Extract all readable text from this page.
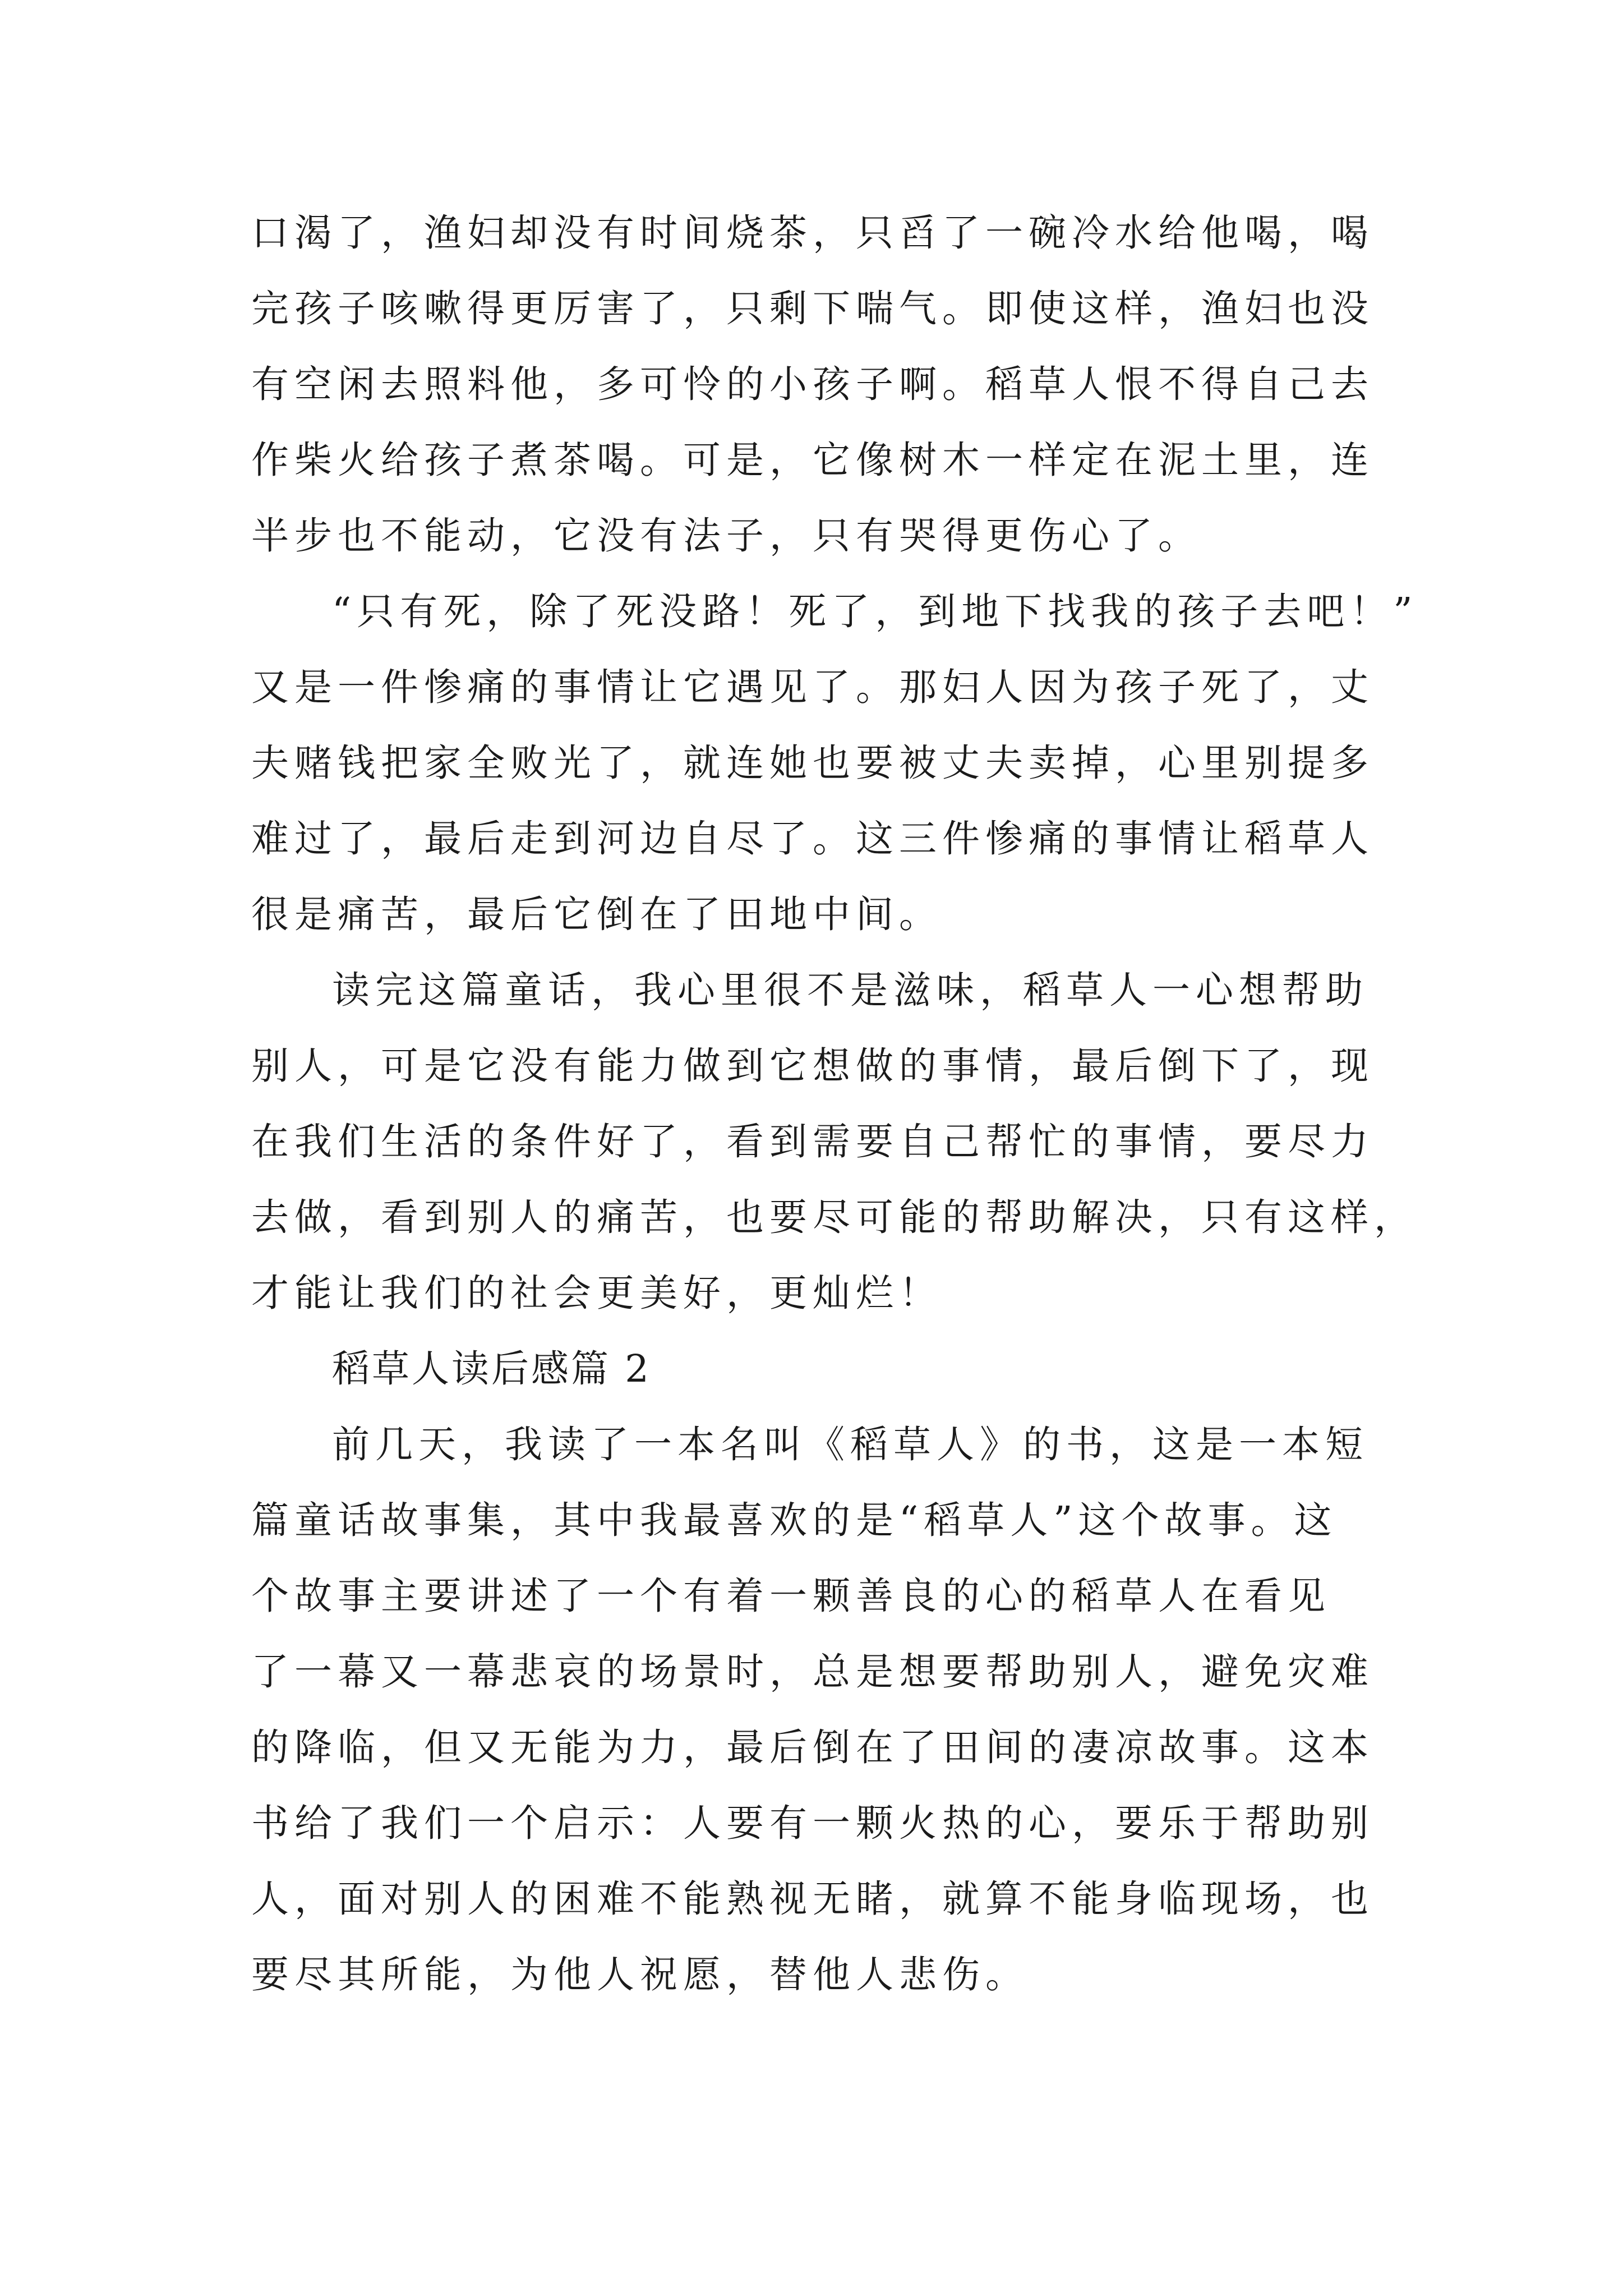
口渴了，渔妇却没有时间烧茶，只舀了一碗冷水给他喝，喝
完孩子咳嗽得更厉害了，只剩下喘气。即使这样，渔妇也没
有空闲去照料他，多可怜的小孩子啊。稻草人恨不得自己去
作柴火给孩子煮茶喝。可是，它像树木一样定在泥土里，连
半步也不能动，它没有法子，只有哭得更伤心了。
“只有死，除了死没路！死了，到地下找我的孩子去吧！”
又是一件惨痛的事情让它遇见了。那妇人因为孩子死了，丈
夫赌钱把家全败光了，就连她也要被丈夫卖掉，心里别提多
难过了，最后走到河边自尽了。这三件惨痛的事情让稻草人
很是痛苦，最后它倒在了田地中间。
读完这篇童话，我心里很不是滋味，稻草人一心想帮助
别人，可是它没有能力做到它想做的事情，最后倒下了，现
在我们生活的条件好了，看到需要自己帮忙的事情，要尽力
去做，看到别人的痛苦，也要尽可能的帮助解决，只有这样，
才能让我们的社会更美好，更灿烂！
稻草人读后感篇 2
前几天，我读了一本名叫《稻草人》的书，这是一本短
篇童话故事集，其中我最喜欢的是“稻草人”这个故事。这
个故事主要讲述了一个有着一颗善良的心的稻草人在看见
了一幕又一幕悲哀的场景时，总是想要帮助别人，避免灾难
的降临，但又无能为力，最后倒在了田间的凄凉故事。这本
书给了我们一个启示：人要有一颗火热的心，要乐于帮助别
人，面对别人的困难不能熟视无睹，就算不能身临现场，也
要尽其所能，为他人祝愿，替他人悲伤。
